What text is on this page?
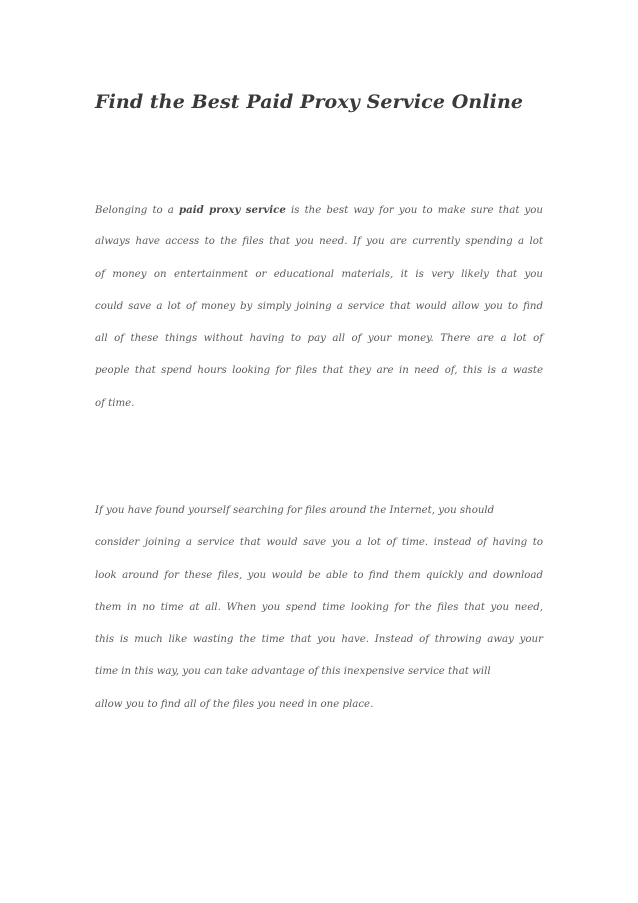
Find the Best Paid Proxy Service Online
Belonging to a paid proxy service is the best way for you to make sure that you
always have access to the files that you need. If you are currently spending a lot
of money on entertainment or educational materials, it is very likely that you
could save a lot of money by simply joining a service that would allow you to find
all of these things without having to pay all of your money. There are a lot of
people that spend hours looking for files that they are in need of, this is a waste
of time.
If you have found yourself searching for files around the Internet, you should
consider joining a service that would save you a lot of time. instead of having to
look around for these files, you would be able to find them quickly and download
them in no time at all. When you spend time looking for the files that you need,
this is much like wasting the time that you have. Instead of throwing away your
time in this way, you can take advantage of this inexpensive service that will
allow you to find all of the files you need in one place.
